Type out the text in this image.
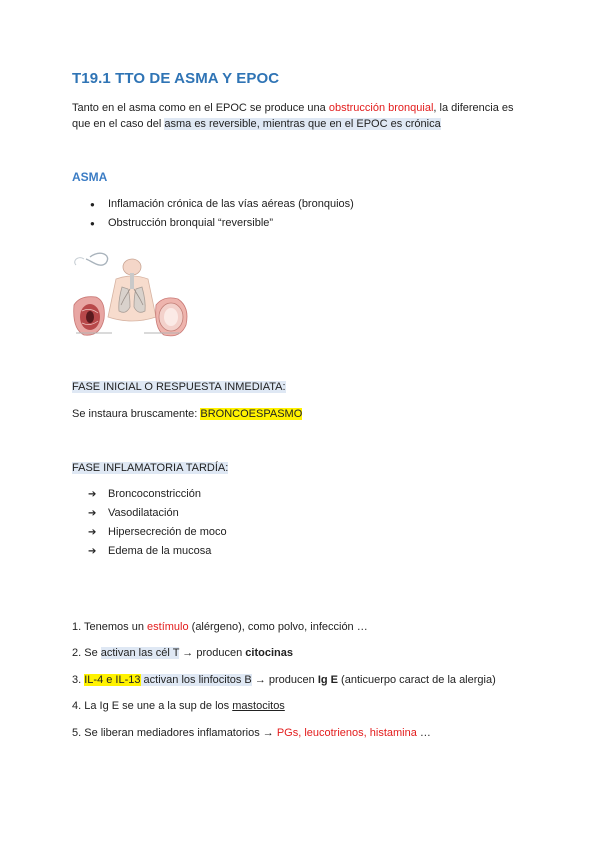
T19.1 TTO DE ASMA Y EPOC
Tanto en el asma como en el EPOC se produce una obstrucción bronquial, la diferencia es que en el caso del asma es reversible, mientras que en el EPOC es crónica
ASMA
● Inflamación crónica de las vías aéreas (bronquios)
● Obstrucción bronquial “reversible”
FASE INICIAL O RESPUESTA INMEDIATA:
Se instaura bruscamente: BRONCOESPASMO
FASE INFLAMATORIA TARDÍA:
➔ Broncoconstricción
➔ Vasodilatación
➔ Hipersecreción de moco
➔ Edema de la mucosa
1. Tenemos un estímulo (alérgeno), como polvo, infección …
2. Se activan las cél T → producen citocinas
3. IL-4 e IL-13 activan los linfocitos B → producen Ig E (anticuerpo caract de la alergia)
4. La Ig E se une a la sup de los mastocitos
5. Se liberan mediadores inflamatorios → PGs, leucotrienos, histamina …
